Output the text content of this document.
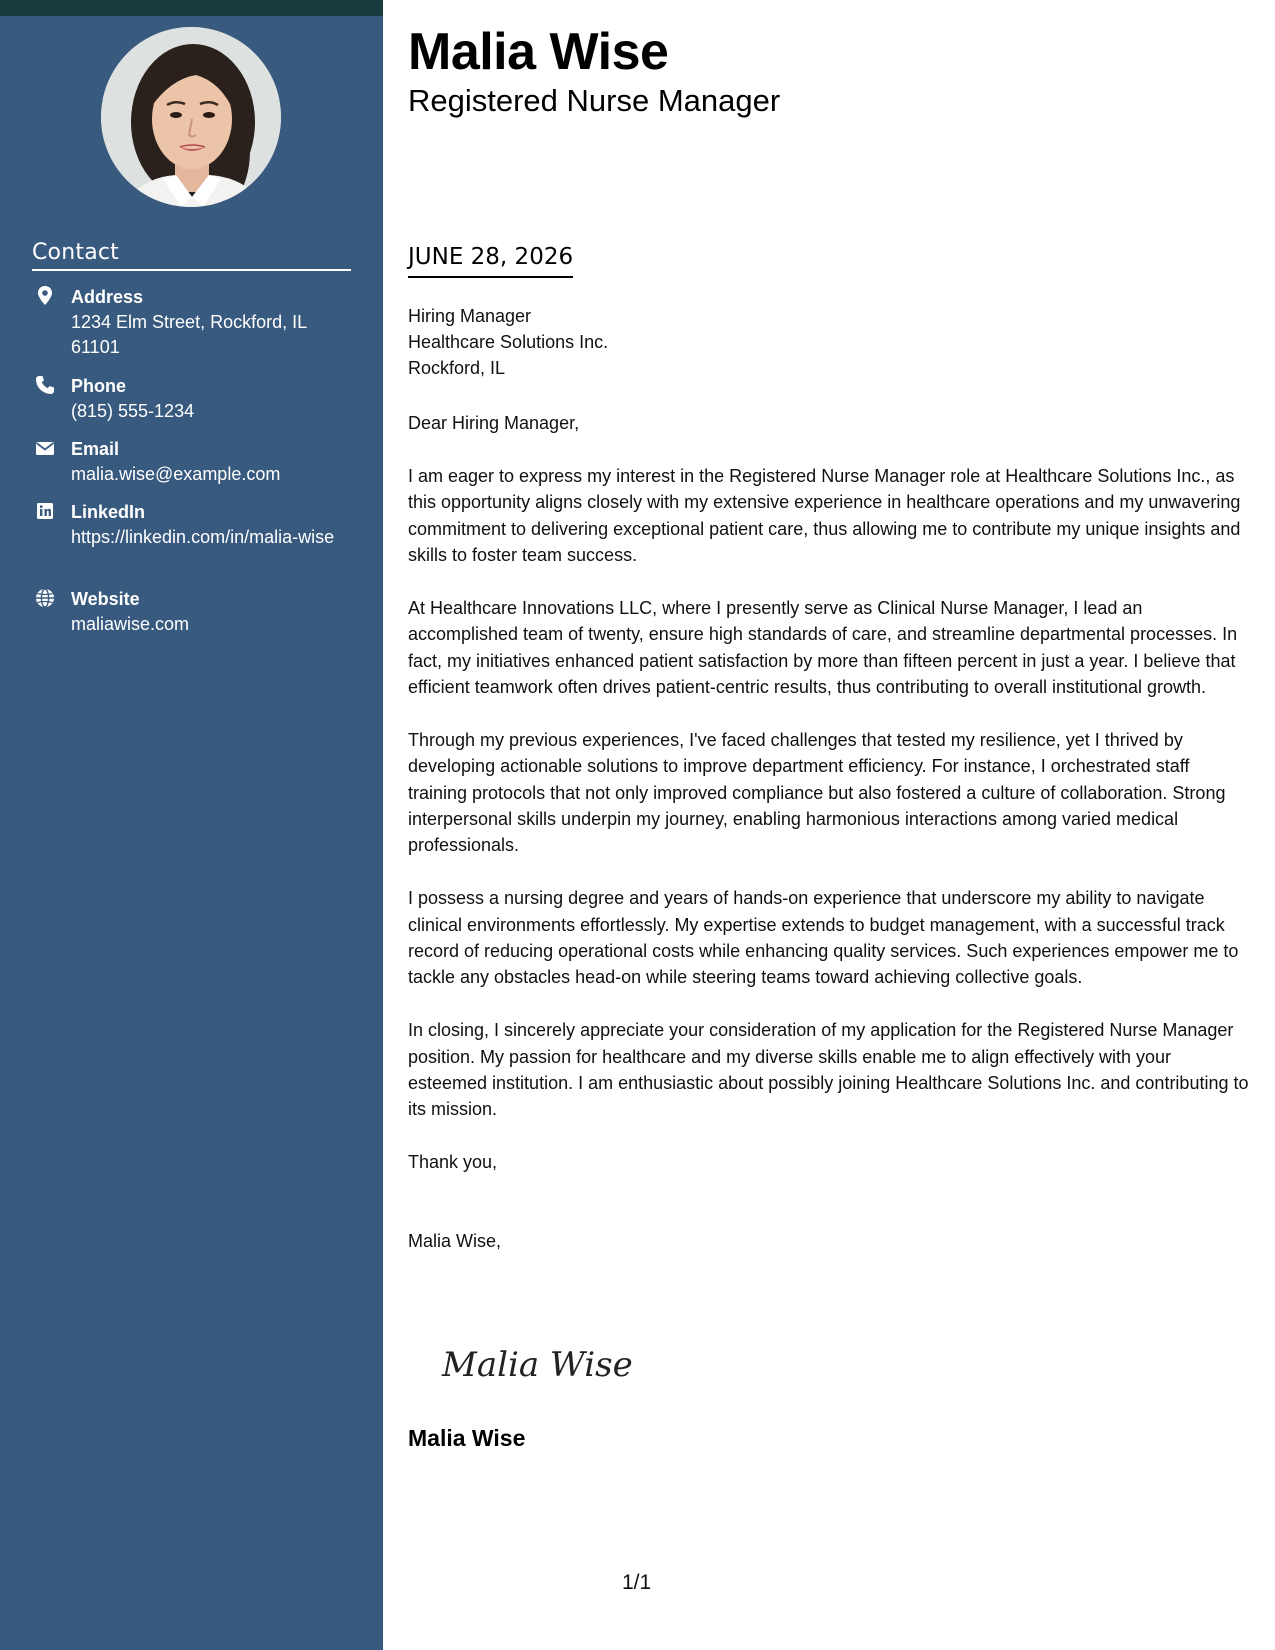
Contact
Address
1234 Elm Street, Rockford, IL 61101
Phone
(815) 555-1234
Email
malia.wise@example.com
LinkedIn
https://linkedin.com/in/malia-wise
Website
maliawise.com
Malia Wise
Registered Nurse Manager
JUNE 28, 2026
Hiring Manager
Healthcare Solutions Inc.
Rockford, IL

Dear Hiring Manager,

I am eager to express my interest in the Registered Nurse Manager role at Healthcare Solutions Inc., as this opportunity aligns closely with my extensive experience in healthcare operations and my unwavering commitment to delivering exceptional patient care, thus allowing me to contribute my unique insights and skills to foster team success.

At Healthcare Innovations LLC, where I presently serve as Clinical Nurse Manager, I lead an accomplished team of twenty, ensure high standards of care, and streamline departmental processes. In fact, my initiatives enhanced patient satisfaction by more than fifteen percent in just a year. I believe that efficient teamwork often drives patient-centric results, thus contributing to overall institutional growth.

Through my previous experiences, I've faced challenges that tested my resilience, yet I thrived by developing actionable solutions to improve department efficiency. For instance, I orchestrated staff training protocols that not only improved compliance but also fostered a culture of collaboration. Strong interpersonal skills underpin my journey, enabling harmonious interactions among varied medical professionals.

I possess a nursing degree and years of hands-on experience that underscore my ability to navigate clinical environments effortlessly. My expertise extends to budget management, with a successful track record of reducing operational costs while enhancing quality services. Such experiences empower me to tackle any obstacles head-on while steering teams toward achieving collective goals.

In closing, I sincerely appreciate your consideration of my application for the Registered Nurse Manager position. My passion for healthcare and my diverse skills enable me to align effectively with your esteemed institution. I am enthusiastic about possibly joining Healthcare Solutions Inc. and contributing to its mission.

Thank you,

Malia Wise,

Malia Wise
Malia Wise
1/1
